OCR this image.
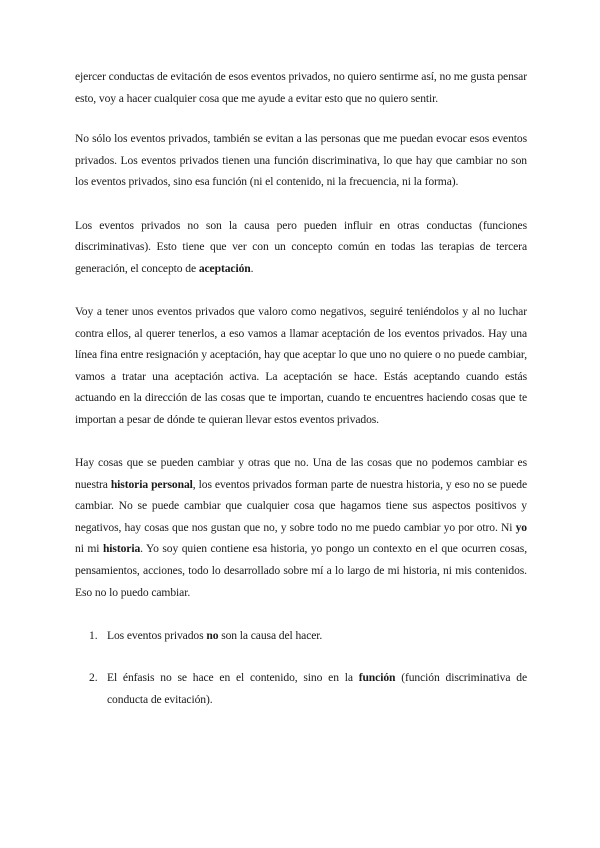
ejercer conductas de evitación de esos eventos privados, no quiero sentirme así, no me gusta pensar esto, voy a hacer cualquier cosa que me ayude a evitar esto que no quiero sentir.

No sólo los eventos privados, también se evitan a las personas que me puedan evocar esos eventos privados. Los eventos privados tienen una función discriminativa, lo que hay que cambiar no son los eventos privados, sino esa función (ni el contenido, ni la frecuencia, ni la forma).

Los eventos privados no son la causa pero pueden influir en otras conductas (funciones discriminativas). Esto tiene que ver con un concepto común en todas las terapias de tercera generación, el concepto de aceptación.

Voy a tener unos eventos privados que valoro como negativos, seguiré teniéndolos y al no luchar contra ellos, al querer tenerlos, a eso vamos a llamar aceptación de los eventos privados. Hay una línea fina entre resignación y aceptación, hay que aceptar lo que uno no quiere o no puede cambiar, vamos a tratar una aceptación activa. La aceptación se hace. Estás aceptando cuando estás actuando en la dirección de las cosas que te importan, cuando te encuentres haciendo cosas que te importan a pesar de dónde te quieran llevar estos eventos privados.

Hay cosas que se pueden cambiar y otras que no. Una de las cosas que no podemos cambiar es nuestra historia personal, los eventos privados forman parte de nuestra historia, y eso no se puede cambiar. No se puede cambiar que cualquier cosa que hagamos tiene sus aspectos positivos y negativos, hay cosas que nos gustan que no, y sobre todo no me puedo cambiar yo por otro. Ni yo ni mi historia. Yo soy quien contiene esa historia, yo pongo un contexto en el que ocurren cosas, pensamientos, acciones, todo lo desarrollado sobre mí a lo largo de mi historia, ni mis contenidos. Eso no lo puedo cambiar.

1. Los eventos privados no son la causa del hacer.
2. El énfasis no se hace en el contenido, sino en la función (función discriminativa de conducta de evitación).
